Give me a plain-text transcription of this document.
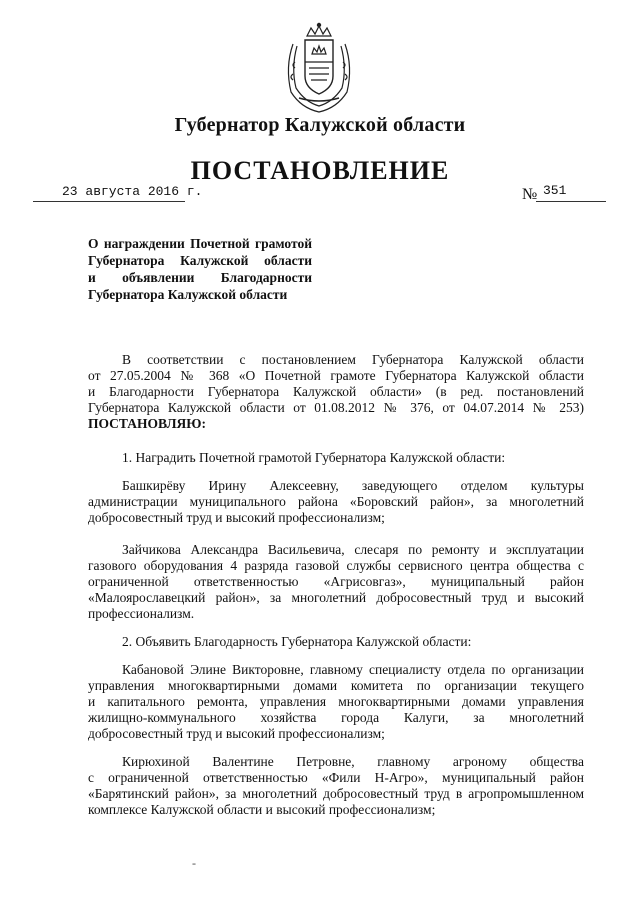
Губернатор Калужской области
ПОСТАНОВЛЕНИЕ
23 августа 2016 г.	№ 351
О награждении Почетной грамотой
Губернатора Калужской области
и объявлении Благодарности
Губернатора Калужской области
В соответствии с постановлением Губернатора Калужской области
от 27.05.2004 № 368 «О Почетной грамоте Губернатора Калужской области
и Благодарности Губернатора Калужской области» (в ред. постановлений
Губернатора Калужской области от 01.08.2012 № 376, от 04.07.2014 № 253)
ПОСТАНОВЛЯЮ:
1. Наградить Почетной грамотой Губернатора Калужской области:
Башкирёву Ирину Алексеевну, заведующего отделом культуры
администрации муниципального района «Боровский район», за многолетний
добросовестный труд и высокий профессионализм;
Зайчикова Александра Васильевича, слесаря по ремонту и эксплуатации
газового оборудования 4 разряда газовой службы сервисного центра общества с
ограниченной ответственностью «Агрисовгаз», муниципальный район
«Малоярославецкий район», за многолетний добросовестный труд и высокий
профессионализм.
2. Объявить Благодарность Губернатора Калужской области:
Кабановой Элине Викторовне, главному специалисту отдела по организации
управления многоквартирными домами комитета по организации текущего
и капитального ремонта, управления многоквартирными домами управления
жилищно-коммунального хозяйства города Калуги, за многолетний
добросовестный труд и высокий профессионализм;
Кирюхиной Валентине Петровне, главному агроному общества
с ограниченной ответственностью «Фили Н-Агро», муниципальный район
«Барятинский район», за многолетний добросовестный труд в агропромышленном
комплексе Калужской области и высокий профессионализм;
-
